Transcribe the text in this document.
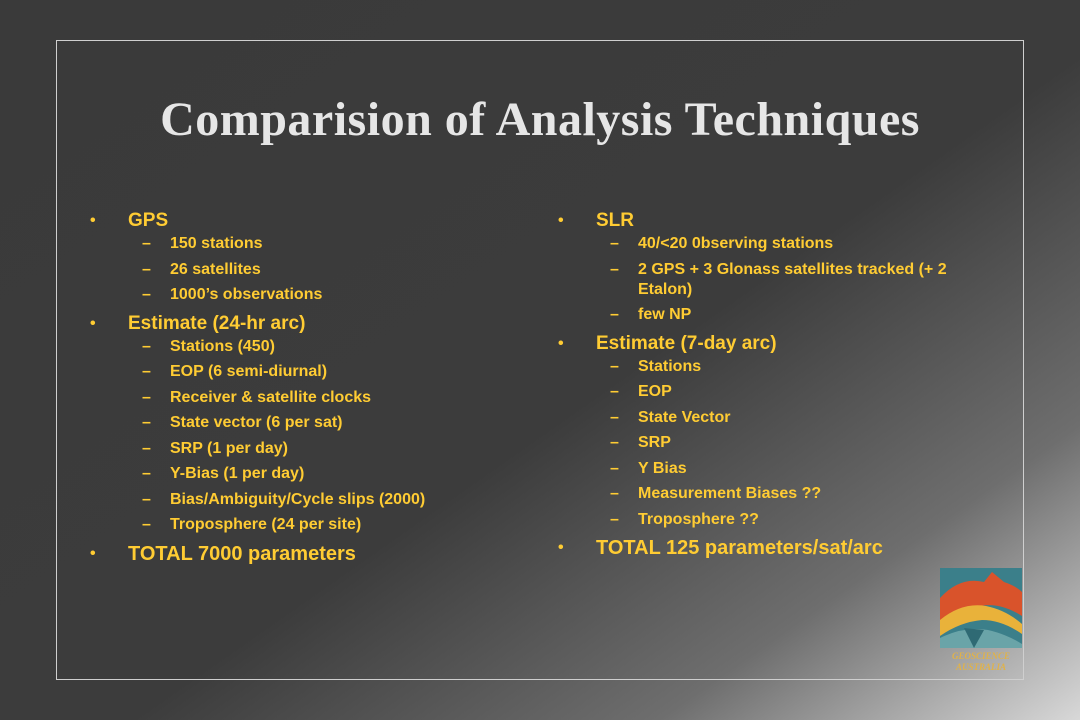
Comparision of Analysis Techniques
• GPS
– 150 stations
– 26 satellites
– 1000’s observations
• Estimate (24-hr arc)
– Stations (450)
– EOP (6 semi-diurnal)
– Receiver & satellite clocks
– State vector (6 per sat)
– SRP (1 per day)
– Y-Bias (1 per day)
– Bias/Ambiguity/Cycle slips (2000)
– Troposphere (24 per site)
• TOTAL 7000 parameters
• SLR
– 40/<20 0bserving stations
– 2 GPS + 3 Glonass satellites tracked (+ 2 Etalon)
– few NP
• Estimate (7-day arc)
– Stations
– EOP
– State Vector
– SRP
– Y Bias
– Measurement Biases ??
– Troposphere ??
• TOTAL 125 parameters/sat/arc
GEOSCIENCE
AUSTRALIA
